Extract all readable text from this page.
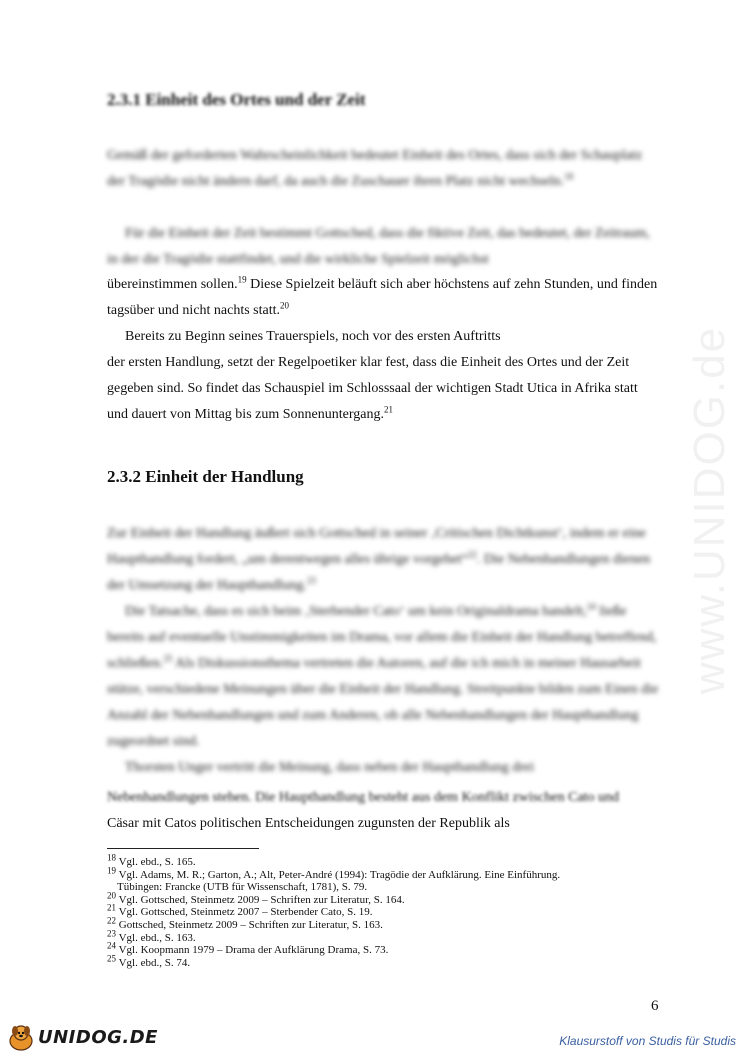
2.3.1 Einheit des Ortes und der Zeit

Gemäß der geforderten Wahrscheinlichkeit bedeutet Einheit des Ortes, dass sich der Schauplatz der Tragödie nicht ändern darf, da auch die Zuschauer ihren Platz nicht wechseln.$^{18}$

Für die Einheit der Zeit bestimmt Gottsched, dass die fiktive Zeit, das bedeutet, der Zeitraum, in der die Tragödie stattfindet, und die wirkliche Spielzeit möglichst

übereinstimmen sollen.$^{19}$ Diese Spielzeit beläuft sich aber höchstens auf zehn Stunden, und finden tagsüber und nicht nachts statt.$^{20}$

Bereits zu Beginn seines Trauerspiels, noch vor des ersten Auftritts

der ersten Handlung, setzt der Regelpoetiker klar fest, dass die Einheit des Ortes und der Zeit gegeben sind. So findet das Schauspiel im Schlosssaal der wichtigen Stadt Utica in Afrika statt und dauert von Mittag bis zum Sonnenuntergang.$^{21}$

2.3.2 Einheit der Handlung

Zur Einheit der Handlung äußert sich Gottsched in seiner ‚Critischen Dichtkunst‘, indem er eine Haupthandlung fordert, „um derentwegen alles übrige vorgehet“$^{22}$. Die Nebenhandlungen dienen der Umsetzung der Haupthandlung.$^{23}$

Die Tatsache, dass es sich beim ‚Sterbender Cato‘ um kein Originaldrama handelt,$^{24}$ ließe bereits auf eventuelle Unstimmigkeiten im Drama, vor allem die Einheit der Handlung betreffend, schließen.$^{25}$ Als Diskussionsthema vertreten die Autoren, auf die ich mich in meiner Hausarbeit stütze, verschiedene Meinungen über die Einheit der Handlung. Streitpunkte bilden zum Einen die Anzahl der Nebenhandlungen und zum Anderen, ob alle Nebenhandlungen der Haupthandlung zugeordnet sind.

Thorsten Unger vertritt die Meinung, dass neben der Haupthandlung drei

Nebenhandlungen stehen. Die Haupthandlung besteht aus dem Konflikt zwischen Cato und

Cäsar mit Catos politischen Entscheidungen zugunsten der Republik als

$^{18}$ Vgl. ebd., S. 165.

$^{19}$ Vgl. Adams, M. R.; Garton, A.; Alt, Peter-André (1994): Tragödie der Aufklärung. Eine Einführung.
Tübingen: Francke (UTB für Wissenschaft, 1781), S. 79.

$^{20}$ Vgl. Gottsched, Steinmetz 2009 – Schriften zur Literatur, S. 164.

$^{21}$ Vgl. Gottsched, Steinmetz 2007 – Sterbender Cato, S. 19.

$^{22}$ Gottsched, Steinmetz 2009 – Schriften zur Literatur, S. 163.

$^{23}$ Vgl. ebd., S. 163.

$^{24}$ Vgl. Koopmann 1979 – Drama der Aufklärung Drama, S. 73.

$^{25}$ Vgl. ebd., S. 74.

6
www.UNIDOG.de
UNIDOG.DE	Klausurstoff von Studis für Studis
